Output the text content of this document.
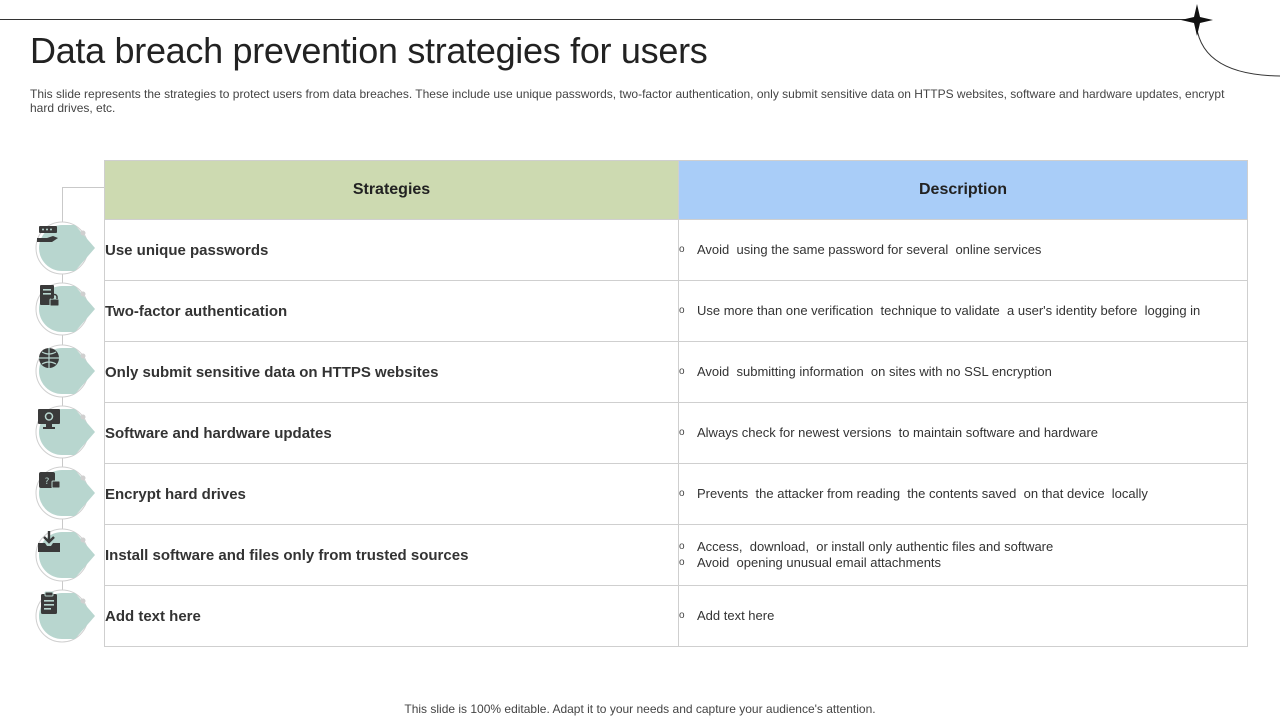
Data breach prevention strategies for users

This slide represents the strategies to protect users from data breaches. These include use unique passwords, two-factor authentication, only submit sensitive data on HTTPS websites, software and hardware updates, encrypt hard drives, etc.

?
Strategies	Description
Use unique passwords	o Avoid  using the same password for several  online services

Two-factor authentication	o Use more than one verification  technique to validate  a user's identity before  logging in

Only submit sensitive data on HTTPS websites	o Avoid  submitting information  on sites with no SSL encryption

Software and hardware updates	o Always check for newest versions  to maintain software and hardware

Encrypt hard drives	o Prevents  the attacker from reading  the contents saved  on that device  locally

Install software and files only from trusted sources	o Access,  download,  or install only authentic files and software
o Avoid  opening unusual email attachments

Add text here	o Add text here
This slide is 100% editable. Adapt it to your needs and capture your audience's attention.
